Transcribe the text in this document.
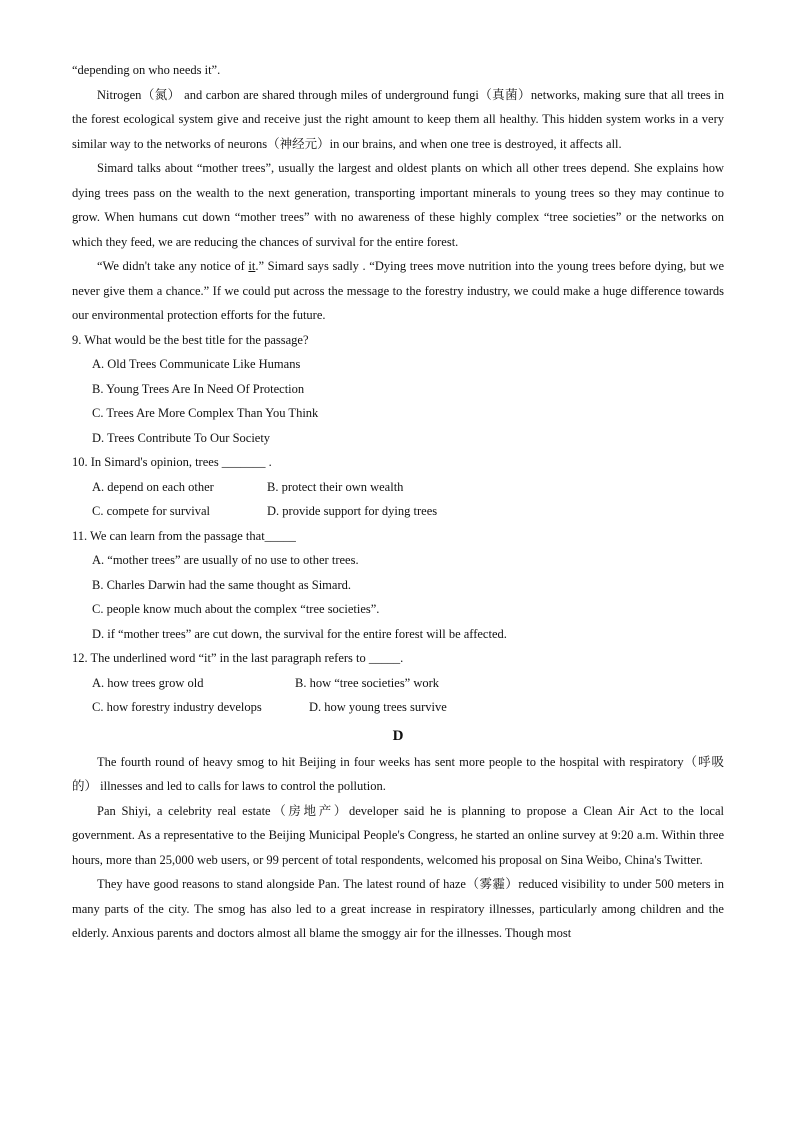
“depending on who needs it”.

Nitrogen（氮） and carbon are shared through miles of underground fungi（真菌）networks, making sure that all trees in the forest ecological system give and receive just the right amount to keep them all healthy. This hidden system works in a very similar way to the networks of neurons（神经元）in our brains, and when one tree is destroyed, it affects all.

Simard talks about “mother trees”, usually the largest and oldest plants on which all other trees depend. She explains how dying trees pass on the wealth to the next generation, transporting important minerals to young trees so they may continue to grow. When humans cut down “mother trees” with no awareness of these highly complex “tree societies” or the networks on which they feed, we are reducing the chances of survival for the entire forest.

“We didn't take any notice of it.” Simard says sadly . “Dying trees move nutrition into the young trees before dying, but we never give them a chance.” If we could put across the message to the forestry industry, we could make a huge difference towards our environmental protection efforts for the future.

9. What would be the best title for the passage?

A. Old Trees Communicate Like Humans

B. Young Trees Are In Need Of Protection

C. Trees Are More Complex Than You Think

D. Trees Contribute To Our Society

10. In Simard's opinion, trees _______ .

A. depend on each other	B. protect their own wealth
C. compete for survival	D. provide support for dying trees

11. We can learn from the passage that_____

A. “mother trees” are usually of no use to other trees.

B. Charles Darwin had the same thought as Simard.

C. people know much about the complex “tree societies”.

D. if “mother trees” are cut down, the survival for the entire forest will be affected.

12. The underlined word “it” in the last paragraph refers to _____.

A. how trees grow old	B. how “tree societies” work
C. how forestry industry develops	D. how young trees survive

D

The fourth round of heavy smog to hit Beijing in four weeks has sent more people to the hospital with respiratory（呼吸的） illnesses and led to calls for laws to control the pollution.

Pan Shiyi, a celebrity real estate（房地产）developer said he is planning to propose a Clean Air Act to the local government. As a representative to the Beijing Municipal People's Congress, he started an online survey at 9:20 a.m. Within three hours, more than 25,000 web users, or 99 percent of total respondents, welcomed his proposal on Sina Weibo, China's Twitter.

They have good reasons to stand alongside Pan. The latest round of haze（雾霾）reduced visibility to under 500 meters in many parts of the city. The smog has also led to a great increase in respiratory illnesses, particularly among children and the elderly. Anxious parents and doctors almost all blame the smoggy air for the illnesses. Though most
